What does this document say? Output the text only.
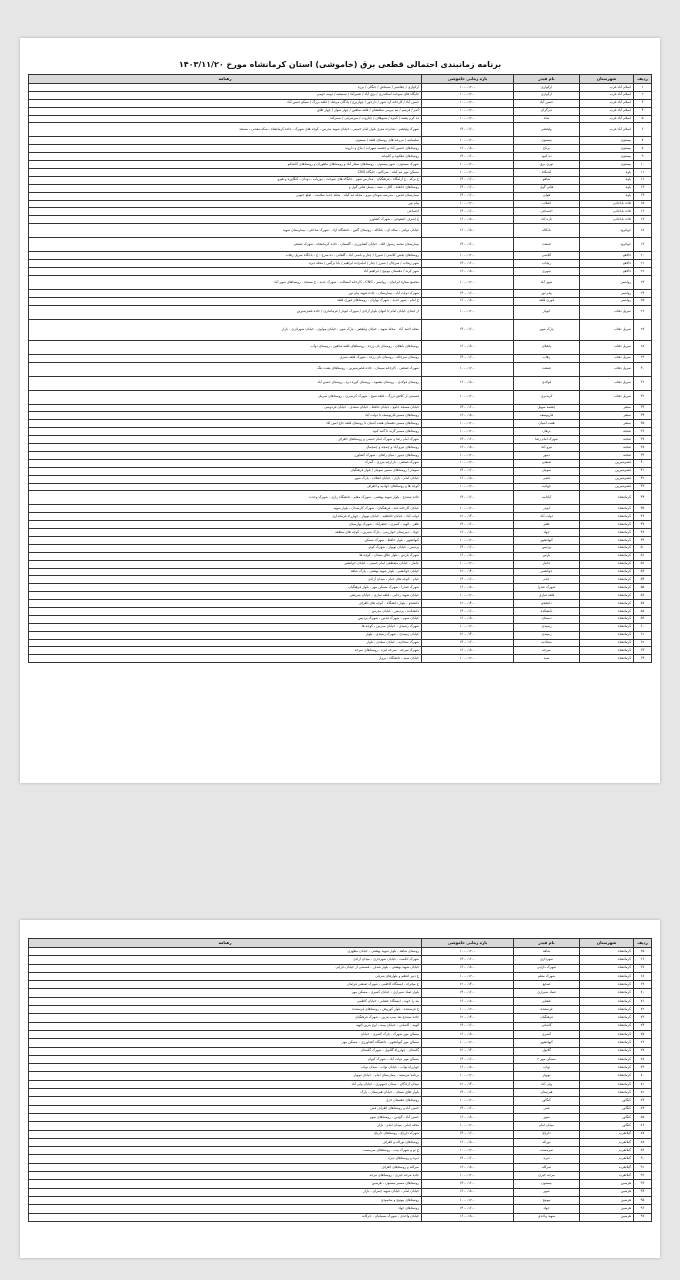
برنامه زمانبندی احتمالی قطعی برق (خاموشی) استان کرمانشاه مورخ ۱۴۰۳/۱۱/۲۰
ردیف	شهرستان	نام فیدر	بازه زمانی خاموشی	رهنامه
۱	اسلام آباد غرب	ارکوازی	۱۰۰۰-۱۲۰۰	ارکوازی / چقاشیر / سیماش / جنگلی / برزه
۲	اسلام آباد غرب	ارکوازی	۱۰۰۰-۱۲۰۰	جایگاه های سوخت اسکندری / برق آباد / نصیرآباد / سمیعیه / دومه حومی
۳	اسلام آباد غرب	حسن آباد	۱۰۰۰-۱۲۰۰	حسن آباد / کارخانه آرد شهر / دارخور / چهاربرج / پادگان مرصاد / قلعه بزرگ / سیکو حسن آباد
۴	اسلام آباد غرب	دیزگران	۱۰۰۰-۱۲۰۰	کمر / فرسم / تپه بیرمی شلفشان / قلعه شاهین / چهار سوار / چهار طاق
۵	اسلام آباد غرب	شاه	۱۰۰۰-۱۲۰۰	ده کرم پشته / کمره / شیوهلان / چناروت / میرشرفی / سمرکند
۶	اسلام آباد غرب	ولیعصر	۱۴۰۰-۱۶۰۰	شهرک ولیعصر ـ شانزده متری بلوار امام خمینی ـ خیابان شهید مدرس ـ کوچه های شهرک ـ جاده کرمانشاه ـ سکه معدنی ـ مسجد
۷	بیستون	بیستون	۱۰۰۰-۱۲۰۰	سلیمانیه / مزرعه های روستای قلعه / بیستون
۸	بیستون	برناج	۱۶۰۰-۱۸۰۰	روستاهای حسین آباد و چشمه سهراب / بناج و دارونه
۹	بیستون	ده کبود	۱۴۰۰-۱۶۰۰	روستاهای دهکبود و کلیمانه
۱۰	بیستون	نوری برق	۱۰۰۰-۱۲۰۰	شهرک بیستون - شهر بیستون - روستاهای سفار آباد و روستاهای ماهوران و روستاهای کاشانلو
۱۱	پاوه	آشتکاه	۱۰۰۰-۱۲۰۰	مسکن مهر نبه کیله - سرکانو - جایگاه CNG
۱۲	پاوه	شاهو	۱۴۰۰-۱۶۰۰	خ برکه - خ آرامگاه - فرهنگیان - مدارس شهر - جایگاه های سوخت - نوریاب - دودان - کنگاوره و هیرو
۱۳	پاوه	هانی گول	۱۴۰۰-۱۶۰۰	روستاهای خانقاه - کلال - شته - نیسل هانی گول و
۱۴	پاوه	هولی	۱۴۰۰-۱۶۰۰	بیمارستان قدس - مدرسه شهدای نیرو - محله نبه کیله - محله جدید سلامت - ضلع جنوبی
۱۵	ثلاث باباجانی	انقلاب	۱۰۰۰-۱۲۰۰	پیام نور
۱۶	ثلاث باباجانی	اجتماعی	۱۴۰۰-۱۶۰۰	اجتماعی
۱۷	ثلاث باباجانی	تازه آباد	۱۶۰۰-۱۸۰۰	خ اشرف اصفهانی - شهرک کشاورز
۱۸	جوانرود	بانکاله	۱۶۰۰-۱۸۰۰	خیابان دولتی - ساله ای - بانکاله - روستای گلین - دانشگاه آزاد - شهرک ساحلی - بیمارستان شهید
۱۹	جوانرود	صنعت	۱۴۰۰-۱۶۰۰	بیمارستان محمد رسول الله - خیابان کشاورزی - گلستان - جاده کرمانشاه - شهرک صنعتی
۲۰	دالاهو	کلاشی	۱۰۰۰-۱۲۰۰	روستاهای بخش کلاشی / شیرزا / چنار و باشی آباد - گلقانی - ده سرخ - خ - باجگاه سرپل زهاب
۲۱	دالاهو	ریجاب	۱۴۰۰-۱۶۰۰	شهر ریجاب / سرچال / شیرز / چنار / امامزاده ابراهیم / بابا نرگس / محله دیره
۲۲	دالاهو	شهری	۱۶۰۰-۱۸۰۰	شهر کرند / دهستان بیونیج / ابراهیم آباد
۲۳	روانسر	شهر آباد	۱۰۰۰-۱۲۰۰	مجتمع ستاره ایرانیان - روانسر - CNG - کارخانه آسفالت - شهرک جدید - خ مسجد - روستاهای شهر آباد
۲۴	روانسر	پیام نور	۱۴۰۰-۱۶۰۰	شهرک دولت آباد - بیمارستان - جاده شهید پیام نور
۲۵	روانسر	قوری قلعه	۱۶۰۰-۱۸۰۰	خ امام - شهر جدید - شهرک بهاران - روستاهای قوری قلعه
۲۶	سرپل ذهاب	انوبار	۱۰۰۰-۱۲۰۰	از ابتدای خیابان امام تا انتهای بلوار آزادی / شهرک انوبار / فرمانداری / جاده قصرشیرین
۲۷	سرپل ذهاب	پارک شهر	۱۴۰۰-۱۶۰۰	محله احمد آباد - محله شهید - خیابان ولیعصر - پارک شهر - خیابان مولوی - خیابان شهرداری - بازار
۲۸	سرپل ذهاب	بانقلان	۱۶۰۰-۱۸۰۰	روستاهای بانقلان - روستای بان زرده - روستاهای قلعه شاهین - روستای دوآب
۲۹	سرپل ذهاب	زهاب	۱۴۰۰-۱۶۰۰	روستای سرجاله - روستای بان زرده - شهرک قلعه سبزی
۳۰	سرپل ذهاب	صنعت	۱۰۰۰-۱۲۰۰	شهرک صنعتی - کارخانه سیمان - جاده قصرشیرین - روستاهای پشت تنگ
۳۱	سرپل ذهاب	قولادی	۱۶۰۰-۱۸۰۰	روستای قولادی - روستای بشیوه - روستای کوره دره - روستای حسن آباد
۳۲	سرپل ذهاب	کرندبری	۱۰۰۰-۱۲۰۰	قسمتی از کلاش بزرگ - قلعه شیخ - شهرک کرندبری - روستاهای سرمل
۳۳	سنقر	چشمه سهیل	۱۴۰۰-۱۶۰۰	خیابان مسجد جامع - خیابان حافظ - خیابان سعدی - خیابان فردوسی
۳۴	سنقر	قاریوسف	۱۶۰۰-۱۸۰۰	روستاهای مسیر قاریوسف تا دولت آباد
۳۵	سنقر	هفت آشیان	۱۰۰۰-۱۲۰۰	روستاهای مسیر دهستان هفت آشیان تا روستای قلعه حاج امین آقا
۳۶	صحنه	برهان	۱۰۰۰-۱۲۰۰	روستاهای مسیر گزنه تا گنبد کبود
۳۷	صحنه	شهرک امام رضا	۱۴۰۰-۱۶۰۰	شهرک امام رضا و شهرک امام خمینی و روستاهای اطراف
۳۸	صحنه	نیرو آباد	۱۶۰۰-۱۸۰۰	روستاهای نیرو آباد و چمچه و چمچمال
۳۹	صحنه	دینور	۱۰۰۰-۱۲۰۰	روستاهای دینور - میان راهان - شهرک کشاورز
۴۰	قصرشیرین	صنعتی	۱۰۰۰-۱۲۰۰	شهرک صنعتی - بازارچه مرزی - گمرک
۴۱	قصرشیرین	سومار	۱۴۰۰-۱۶۰۰	سومار / روستاهای مسیر سومار / بلوار فرهنگیان
۴۲	قصرشیرین	قصر	۱۶۰۰-۱۸۰۰	خیابان امام - بازار - خیابان انقلاب - پارک شهر
۴۳	قصرشیرین	جهادیه	۱۰۰۰-۱۲۰۰	کوچه ها و روستاهای جهادیه و اطراف
۴۴	کرمانشاه	آبادانیه	۱۴۰۰-۱۶۰۰	جاده سنندج - بلوار شهید بهشتی - شهرک معلم - دانشگاه رازی - شهرک وحدت
۴۵	کرمانشاه	ابوذر	۱۰۰۰-۱۲۰۰	خیابان کارخانه قند - فرهنگیان - شهرک کارمندان - بلوار شهید
۴۶	کرمانشاه	دولت آباد	۱۲۰۰-۱۴۰۰	دولت آباد - خیابان حافظیه - خیابان نوبهار - چهارراه فرمانداری
۴۷	کرمانشاه	ظفر	۱۴۰۰-۱۶۰۰	ظفر - الهیه - کسری - جعفرآباد - شهرک بهارستان
۴۸	کرمانشاه	جهاد	۱۶۰۰-۱۸۰۰	جهاد - دبیرستان خوارزمی - پارک شیرین - کوچه های منطقه
۴۹	کرمانشاه	کیهانشهر	۱۰۰۰-۱۲۰۰	کیهانشهر - بلوار حافظ - شهرک مسکن
۵۰	کرمانشاه	پردیس	۱۴۰۰-۱۶۰۰	پردیس - خیابان نوبهار - شهرک کوثر
۵۱	کرمانشاه	پارس	۱۶۰۰-۱۸۰۰	شهرک پارس - بلوار طاق بستان - کوچه ها
۵۲	کرمانشاه	جانباز	۱۰۰۰-۱۲۰۰	جانباز - خیابان مصطفی امام خمینی - خیابان جوانشیر
۵۳	کرمانشاه	جوانشیر	۱۲۰۰-۱۴۰۰	خیابان جوانشیر - بلوار شهید بهشتی - پارک شاهد
۵۴	کرمانشاه	خیام	۱۴۰۰-۱۶۰۰	خیام - کوچه های خیام - میدان آزادی
۵۵	کرمانشاه	شهرک صدرا	۱۶۰۰-۱۸۰۰	شهرک صدرا - شهرک مسکن مهر - بلوار فرهنگیان
۵۶	کرمانشاه	قلعه سازی	۱۰۰۰-۱۲۰۰	خیابان شهید رجایی - قلعه سازی - خیابان شریعتی
۵۷	کرمانشاه	دانشجو	۱۲۰۰-۱۴۰۰	دانشجو - بلوار دانشگاه - کوچه های اطراف
۵۸	کرمانشاه	دانشکده	۱۴۰۰-۱۶۰۰	دانشکده - پردیس - خیابان مدرس
۵۹	کرمانشاه	دبستان	۱۶۰۰-۱۸۰۰	خیابان سوم - شهرک قدس - شهرک پردیس
۶۰	کرمانشاه	رشیدی	۱۰۰۰-۱۲۰۰	شهرک رشیدی - خیابان مدرس - کوچه ها
۶۱	کرمانشاه	زمیندی	۱۲۰۰-۱۴۰۰	خیابان زمیندی - شهرک زمیندی - بلوار
۶۲	کرمانشاه	سجادیه	۱۴۰۰-۱۶۰۰	شهرک سجادیه - خیابان سعدی - بلوار
۶۳	کرمانشاه	سرخه	۱۶۰۰-۱۸۰۰	شهرک سرخه - سرخه لیژه - روستاهای سرخه
۶۴	کرمانشاه	سید	۱۰۰۰-۱۲۰۰	خیابان سید - دانشگاه - پرواز
ردیف	شهرستان	نام فیدر	بازه زمانی خاموشی	رهنامه
۶۵	کرمانشاه	شاهد	۱۰۰۰-۱۲۰۰	روستای شاهد - بلوار شهید بهشتی - خیابان مطهری
۶۶	کرمانشاه	شهرداری	۱۴۰۰-۱۶۰۰	شهرک حکمت - خیابان شهرداری - میدان آزادی
۶۷	کرمانشاه	شهرک دارایی	۱۶۰۰-۱۸۰۰	خیابان شهید بهشتی - بلوار صدف - قسمتی از خیابان دارایی
۶۸	کرمانشاه	شهرک معلم	۱۰۰۰-۱۲۰۰	خ دبیر اعظم و بلوارهای شرقی
۶۹	کرمانشاه	صنایع	۱۲۰۰-۱۴۰۰	خ میانراه - ایستگاه کاظمی - شهرک صنعتی فرامان
۷۰	کرمانشاه	صیاد شیرازی	۱۴۰۰-۱۶۰۰	بلوار صیاد شیرازی - خیابان کسری - مسکن مهر
۷۱	کرمانشاه	عشایر	۱۶۰۰-۱۸۰۰	بند را خونه - ایستگاه عشایر - خیابان کاظمی
۷۲	کرمانشاه	فرستنده	۱۰۰۰-۱۲۰۰	خ فرستنده - بلوار کوروش - روستاهای فرستنده
۷۳	کرمانشاه	فرهنگیان	۱۲۰۰-۱۴۰۰	جاده سنندج بعد پمپ بنزین - شهرک فرهنگیان
۷۴	کرمانشاه	کاشانی	۱۴۰۰-۱۶۰۰	الهیه - کاشانی - خیابان بیمه - اوج بنزین الهیه
۷۵	کرمانشاه	کسری	۱۶۰۰-۱۸۰۰	مسکن مهر شهرک - پارک کسری - خیابان
۷۶	کرمانشاه	کیهانشهر	۱۰۰۰-۱۲۰۰	مسکن مهر کیهانشهر - دانشگاه کشاورزی - مسکن مهر
۷۷	کرمانشاه	گلایول	۱۲۰۰-۱۴۰۰	گلستان - چهارراه گلایول - شهرک گلستان
۷۸	کرمانشاه	مسکن مهر ۲	۱۴۰۰-۱۶۰۰	مسکن مهر دولت آباد - شهرک کیوان
۷۹	کرمانشاه	نواب	۱۶۰۰-۱۸۰۰	چهارراه نواب - خیابان نواب - میدان نواب
۸۰	کرمانشاه	نوبهار	۱۰۰۰-۱۲۰۰	برنامه تیرستیه - بیمارستان امام - خیابان نوبهار
۸۱	کرمانشاه	ولی آباد	۱۲۰۰-۱۴۰۰	میدان آزادگان - میدان جمهوری - خیابان ولی آباد
۸۲	کرمانشاه	هنرستان	۱۴۰۰-۱۶۰۰	بلوار طاق بستان - خیابان هنرستان - پارک
۸۳	کنگاور	کنگاور	۱۰۰۰-۱۲۰۰	روستاهای دهستان خزل
۸۴	کنگاور	فش	۱۴۰۰-۱۶۰۰	حسن آباد و روستاهای اطراف فش
۸۵	کنگاور	شهر	۱۶۰۰-۱۸۰۰	حسن آباد - گودین - روستاهای شهر
۸۶	کنگاور	میدان امام	۱۰۰۰-۱۲۰۰	محله امام - میدان امام - بازار
۸۷	گیلانغرب	دارباغ	۱۴۰۰-۱۶۰۰	شهرک دارباغ - روستاهای دارباغ
۸۸	گیلانغرب	نوراله	۱۶۰۰-۱۸۰۰	روستاهای نوراله و اطراف
۸۹	گیلانغرب	سرمست	۱۰۰۰-۱۲۰۰	خ نو و شهرک بیت - روستاهای سرمست
۹۰	گیلانغرب	دیره	۱۴۰۰-۱۶۰۰	دیره و روستاهای دیره
۹۱	گیلانغرب	سرکله	۱۶۰۰-۱۸۰۰	سرکله و روستاهای اطراف
۹۲	گیلانغرب	مرحه خیزی	۱۰۰۰-۱۲۰۰	جاده مرحه خیزی - روستاهای مرحه
۹۳	هرسین	بیستون	۱۴۰۰-۱۶۰۰	روستاهای مسیر بیستون - هرسین
۹۴	هرسین	شهر	۱۶۰۰-۱۸۰۰	خیابان امام - خیابان شهید چمران - بازار
۹۵	هرسین	بیونیج	۱۰۰۰-۱۲۰۰	روستاهای بیونیج و محمودی
۹۶	هرسین	جهاد	۱۴۰۰-۱۶۰۰	روستاهای جهاد
۹۷	هرسین	شهید واحدی	۱۶۰۰-۱۸۰۰	خیابان واحدی - شهرک بسیجیان - جرکانه
